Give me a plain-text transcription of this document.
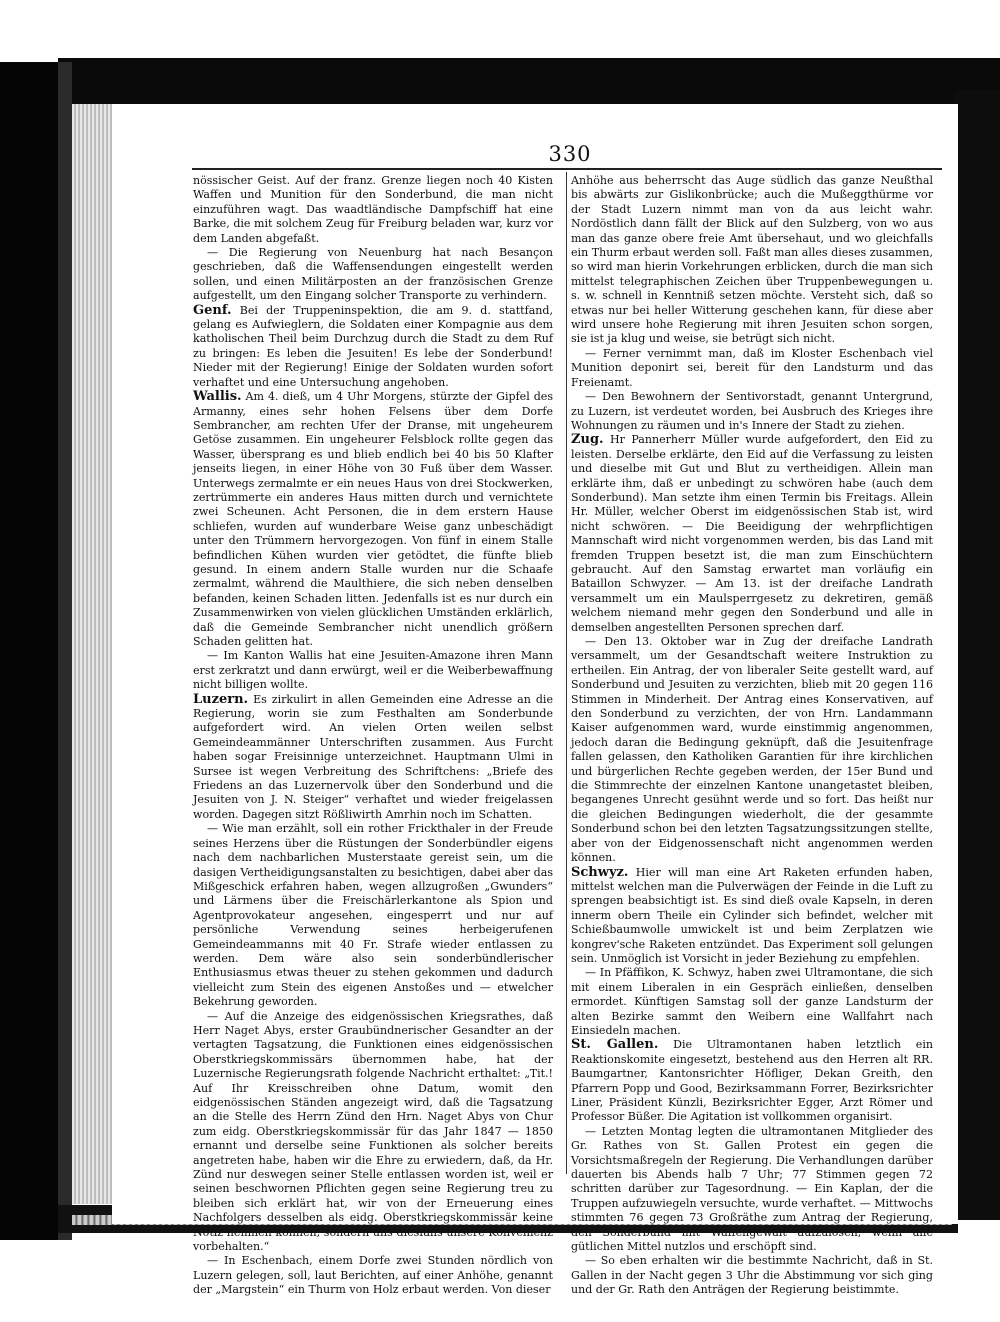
330

nössischer Geist. Auf der franz. Grenze liegen noch 40 Kisten Waffen und Munition für den Sonderbund, die man nicht einzuführen wagt. Das waadtländische Dampfschiff hat eine Barke, die mit solchem Zeug für Freiburg beladen war, kurz vor dem Landen abgefaßt.

— Die Regierung von Neuenburg hat nach Besançon geschrieben, daß die Waffensendungen eingestellt werden sollen, und einen Militärposten an der französischen Grenze aufgestellt, um den Eingang solcher Transporte zu verhindern.

Genf. Bei der Truppeninspektion, die am 9. d. stattfand, gelang es Aufwieglern, die Soldaten einer Kompagnie aus dem katholischen Theil beim Durchzug durch die Stadt zu dem Ruf zu bringen: Es leben die Jesuiten! Es lebe der Sonderbund! Nieder mit der Regierung! Einige der Soldaten wurden sofort verhaftet und eine Untersuchung angehoben.

Wallis. Am 4. dieß, um 4 Uhr Morgens, stürzte der Gipfel des Armanny, eines sehr hohen Felsens über dem Dorfe Sembrancher, am rechten Ufer der Dranse, mit ungeheurem Getöse zusammen. Ein ungeheurer Felsblock rollte gegen das Wasser, übersprang es und blieb endlich bei 40 bis 50 Klafter jenseits liegen, in einer Höhe von 30 Fuß über dem Wasser. Unterwegs zermalmte er ein neues Haus von drei Stockwerken, zertrümmerte ein anderes Haus mitten durch und vernichtete zwei Scheunen. Acht Personen, die in dem erstern Hause schliefen, wurden auf wunderbare Weise ganz unbeschädigt unter den Trümmern hervorgezogen. Von fünf in einem Stalle befindlichen Kühen wurden vier getödtet, die fünfte blieb gesund. In einem andern Stalle wurden nur die Schaafe zermalmt, während die Maulthiere, die sich neben denselben befanden, keinen Schaden litten. Jedenfalls ist es nur durch ein Zusammenwirken von vielen glücklichen Umständen erklärlich, daß die Gemeinde Sembrancher nicht unendlich größern Schaden gelitten hat.

— Im Kanton Wallis hat eine Jesuiten-Amazone ihren Mann erst zerkratzt und dann erwürgt, weil er die Weiberbewaffnung nicht billigen wollte.

Luzern. Es zirkulirt in allen Gemeinden eine Adresse an die Regierung, worin sie zum Festhalten am Sonderbunde aufgefordert wird. An vielen Orten weilen selbst Gemeindeammänner Unterschriften zusammen. Aus Furcht haben sogar Freisinnige unterzeichnet. Hauptmann Ulmi in Sursee ist wegen Verbreitung des Schriftchens: „Briefe des Friedens an das Luzernervolk über den Sonderbund und die Jesuiten von J. N. Steiger“ verhaftet und wieder freigelassen worden. Dagegen sitzt Rößliwirth Amrhin noch im Schatten.

— Wie man erzählt, soll ein rother Frickthaler in der Freude seines Herzens über die Rüstungen der Sonderbündler eigens nach dem nachbarlichen Musterstaate gereist sein, um die dasigen Vertheidigungsanstalten zu besichtigen, dabei aber das Mißgeschick erfahren haben, wegen allzugroßen „Gwunders“ und Lärmens über die Freischärlerkantone als Spion und Agentprovokateur angesehen, eingesperrt und nur auf persönliche Verwendung seines herbeigerufenen Gemeindeammanns mit 40 Fr. Strafe wieder entlassen zu werden. Dem wäre also sein sonderbündlerischer Enthusiasmus etwas theuer zu stehen gekommen und dadurch vielleicht zum Stein des eigenen Anstoßes und — etwelcher Bekehrung geworden.

— Auf die Anzeige des eidgenössischen Kriegsrathes, daß Herr Naget Abys, erster Graubündnerischer Gesandter an der vertagten Tagsatzung, die Funktionen eines eidgenössischen Oberstkriegskommissärs übernommen habe, hat der Luzernische Regierungsrath folgende Nachricht erthaltet: „Tit.! Auf Ihr Kreisschreiben ohne Datum, womit den eidgenössischen Ständen angezeigt wird, daß die Tagsatzung an die Stelle des Herrn Zünd den Hrn. Naget Abys von Chur zum eidg. Oberstkriegskommissär für das Jahr 1847 — 1850 ernannt und derselbe seine Funktionen als solcher bereits angetreten habe, haben wir die Ehre zu erwiedern, daß, da Hr. Zünd nur deswegen seiner Stelle entlassen worden ist, weil er seinen beschwornen Pflichten gegen seine Regierung treu zu bleiben sich erklärt hat, wir von der Erneuerung eines Nachfolgers desselben als eidg. Oberstkriegskommissär keine Notiz nehmen können, sondern uns diesfalls unsere Konvenienz vorbehalten.“

— In Eschenbach, einem Dorfe zwei Stunden nördlich von Luzern gelegen, soll, laut Berichten, auf einer Anhöhe, genannt der „Margstein“ ein Thurm von Holz erbaut werden. Von dieser

Anhöhe aus beherrscht das Auge südlich das ganze Neußthal bis abwärts zur Gislikonbrücke; auch die Mußeggthürme vor der Stadt Luzern nimmt man von da aus leicht wahr. Nordöstlich dann fällt der Blick auf den Sulzberg, von wo aus man das ganze obere freie Amt übersehaut, und wo gleichfalls ein Thurm erbaut werden soll. Faßt man alles dieses zusammen, so wird man hierin Vorkehrungen erblicken, durch die man sich mittelst telegraphischen Zeichen über Truppenbewegungen u. s. w. schnell in Kenntniß setzen möchte. Versteht sich, daß so etwas nur bei heller Witterung geschehen kann, für diese aber wird unsere hohe Regierung mit ihren Jesuiten schon sorgen, sie ist ja klug und weise, sie betrügt sich nicht.

— Ferner vernimmt man, daß im Kloster Eschenbach viel Munition deponirt sei, bereit für den Landsturm und das Freienamt.

— Den Bewohnern der Sentivorstadt, genannt Untergrund, zu Luzern, ist verdeutet worden, bei Ausbruch des Krieges ihre Wohnungen zu räumen und in's Innere der Stadt zu ziehen.

Zug. Hr Pannerherr Müller wurde aufgefordert, den Eid zu leisten. Derselbe erklärte, den Eid auf die Verfassung zu leisten und dieselbe mit Gut und Blut zu vertheidigen. Allein man erklärte ihm, daß er unbedingt zu schwören habe (auch dem Sonderbund). Man setzte ihm einen Termin bis Freitags. Allein Hr. Müller, welcher Oberst im eidgenössischen Stab ist, wird nicht schwören. — Die Beeidigung der wehrpflichtigen Mannschaft wird nicht vorgenommen werden, bis das Land mit fremden Truppen besetzt ist, die man zum Einschüchtern gebraucht. Auf den Samstag erwartet man vorläufig ein Bataillon Schwyzer. — Am 13. ist der dreifache Landrath versammelt um ein Maulsperrgesetz zu dekretiren, gemäß welchem niemand mehr gegen den Sonderbund und alle in demselben angestellten Personen sprechen darf.

— Den 13. Oktober war in Zug der dreifache Landrath versammelt, um der Gesandtschaft weitere Instruktion zu ertheilen. Ein Antrag, der von liberaler Seite gestellt ward, auf Sonderbund und Jesuiten zu verzichten, blieb mit 20 gegen 116 Stimmen in Minderheit. Der Antrag eines Konservativen, auf den Sonderbund zu verzichten, der von Hrn. Landammann Kaiser aufgenommen ward, wurde einstimmig angenommen, jedoch daran die Bedingung geknüpft, daß die Jesuitenfrage fallen gelassen, den Katholiken Garantien für ihre kirchlichen und bürgerlichen Rechte gegeben werden, der 15er Bund und die Stimmrechte der einzelnen Kantone unangetastet bleiben, begangenes Unrecht gesühnt werde und so fort. Das heißt nur die gleichen Bedingungen wiederholt, die der gesammte Sonderbund schon bei den letzten Tagsatzungssitzungen stellte, aber von der Eidgenossenschaft nicht angenommen werden können.

Schwyz. Hier will man eine Art Raketen erfunden haben, mittelst welchen man die Pulverwägen der Feinde in die Luft zu sprengen beabsichtigt ist. Es sind dieß ovale Kapseln, in deren innerm obern Theile ein Cylinder sich befindet, welcher mit Schießbaumwolle umwickelt ist und beim Zerplatzen wie kongrev'sche Raketen entzündet. Das Experiment soll gelungen sein. Unmöglich ist Vorsicht in jeder Beziehung zu empfehlen.

— In Pfäffikon, K. Schwyz, haben zwei Ultramontane, die sich mit einem Liberalen in ein Gespräch einließen, denselben ermordet. Künftigen Samstag soll der ganze Landsturm der alten Bezirke sammt den Weibern eine Wallfahrt nach Einsiedeln machen.

St. Gallen. Die Ultramontanen haben letztlich ein Reaktionskomite eingesetzt, bestehend aus den Herren alt RR. Baumgartner, Kantonsrichter Höfliger, Dekan Greith, den Pfarrern Popp und Good, Bezirksammann Forrer, Bezirksrichter Liner, Präsident Künzli, Bezirksrichter Egger, Arzt Römer und Professor Büßer. Die Agitation ist vollkommen organisirt.

— Letzten Montag legten die ultramontanen Mitglieder des Gr. Rathes von St. Gallen Protest ein gegen die Vorsichtsmaßregeln der Regierung. Die Verhandlungen darüber dauerten bis Abends halb 7 Uhr; 77 Stimmen gegen 72 schritten darüber zur Tagesordnung. — Ein Kaplan, der die Truppen aufzuwiegeln versuchte, wurde verhaftet. — Mittwochs stimmten 76 gegen 73 Großräthe zum Antrag der Regierung, den Sonderbund mit Waffengewalt aufzulösen, wenn alle gütlichen Mittel nutzlos und erschöpft sind.

— So eben erhalten wir die bestimmte Nachricht, daß in St. Gallen in der Nacht gegen 3 Uhr die Abstimmung vor sich ging und der Gr. Rath den Anträgen der Regierung beistimmte.
